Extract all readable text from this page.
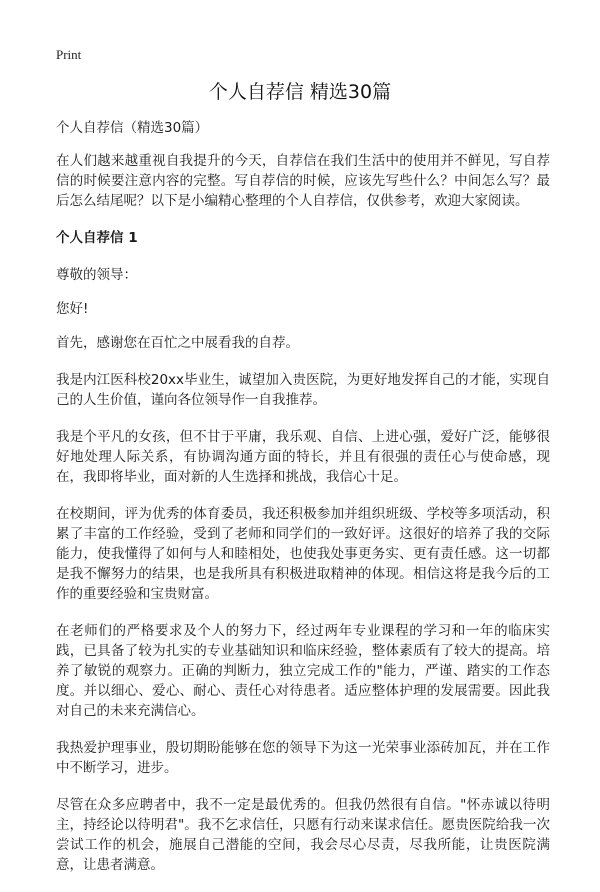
Print
个人自荐信 精选30篇

个人自荐信（精选30篇）

在人们越来越重视自我提升的今天，自荐信在我们生活中的使用并不鲜见，写自荐信的时候要注意内容的完整。写自荐信的时候，应该先写些什么？中间怎么写？最后怎么结尾呢？以下是小编精心整理的个人自荐信，仅供参考，欢迎大家阅读。

个人自荐信 1

尊敬的领导：

您好!

首先，感谢您在百忙之中展看我的自荐。

我是内江医科校20xx毕业生，诚望加入贵医院，为更好地发挥自己的才能，实现自己的人生价值，谨向各位领导作一自我推荐。

我是个平凡的女孩，但不甘于平庸，我乐观、自信、上进心强，爱好广泛，能够很好地处理人际关系，有协调沟通方面的特长，并且有很强的责任心与使命感，现在，我即将毕业，面对新的人生选择和挑战，我信心十足。

在校期间，评为优秀的体育委员，我还积极参加并组织班级、学校等多项活动，积累了丰富的工作经验，受到了老师和同学们的一致好评。这很好的培养了我的交际能力，使我懂得了如何与人和睦相处，也使我处事更务实、更有责任感。这一切都是我不懈努力的结果，也是我所具有积极进取精神的体现。相信这将是我今后的工作的重要经验和宝贵财富。

在老师们的严格要求及个人的努力下，经过两年专业课程的学习和一年的临床实践，已具备了较为扎实的专业基础知识和临床经验，整体素质有了较大的提高。培养了敏锐的观察力。正确的判断力，独立完成工作的"能力，严谨、踏实的工作态度。并以细心、爱心、耐心、责任心对待患者。适应整体护理的发展需要。因此我对自己的未来充满信心。

我热爱护理事业，殷切期盼能够在您的领导下为这一光荣事业添砖加瓦，并在工作中不断学习，进步。

尽管在众多应聘者中，我不一定是最优秀的。但我仍然很有自信。"怀赤诚以待明主，持经论以待明君"。我不乞求信任，只愿有行动来谋求信任。愿贵医院给我一次尝试工作的机会，施展自己潜能的空间，我会尽心尽责，尽我所能，让贵医院满意，让患者满意。
